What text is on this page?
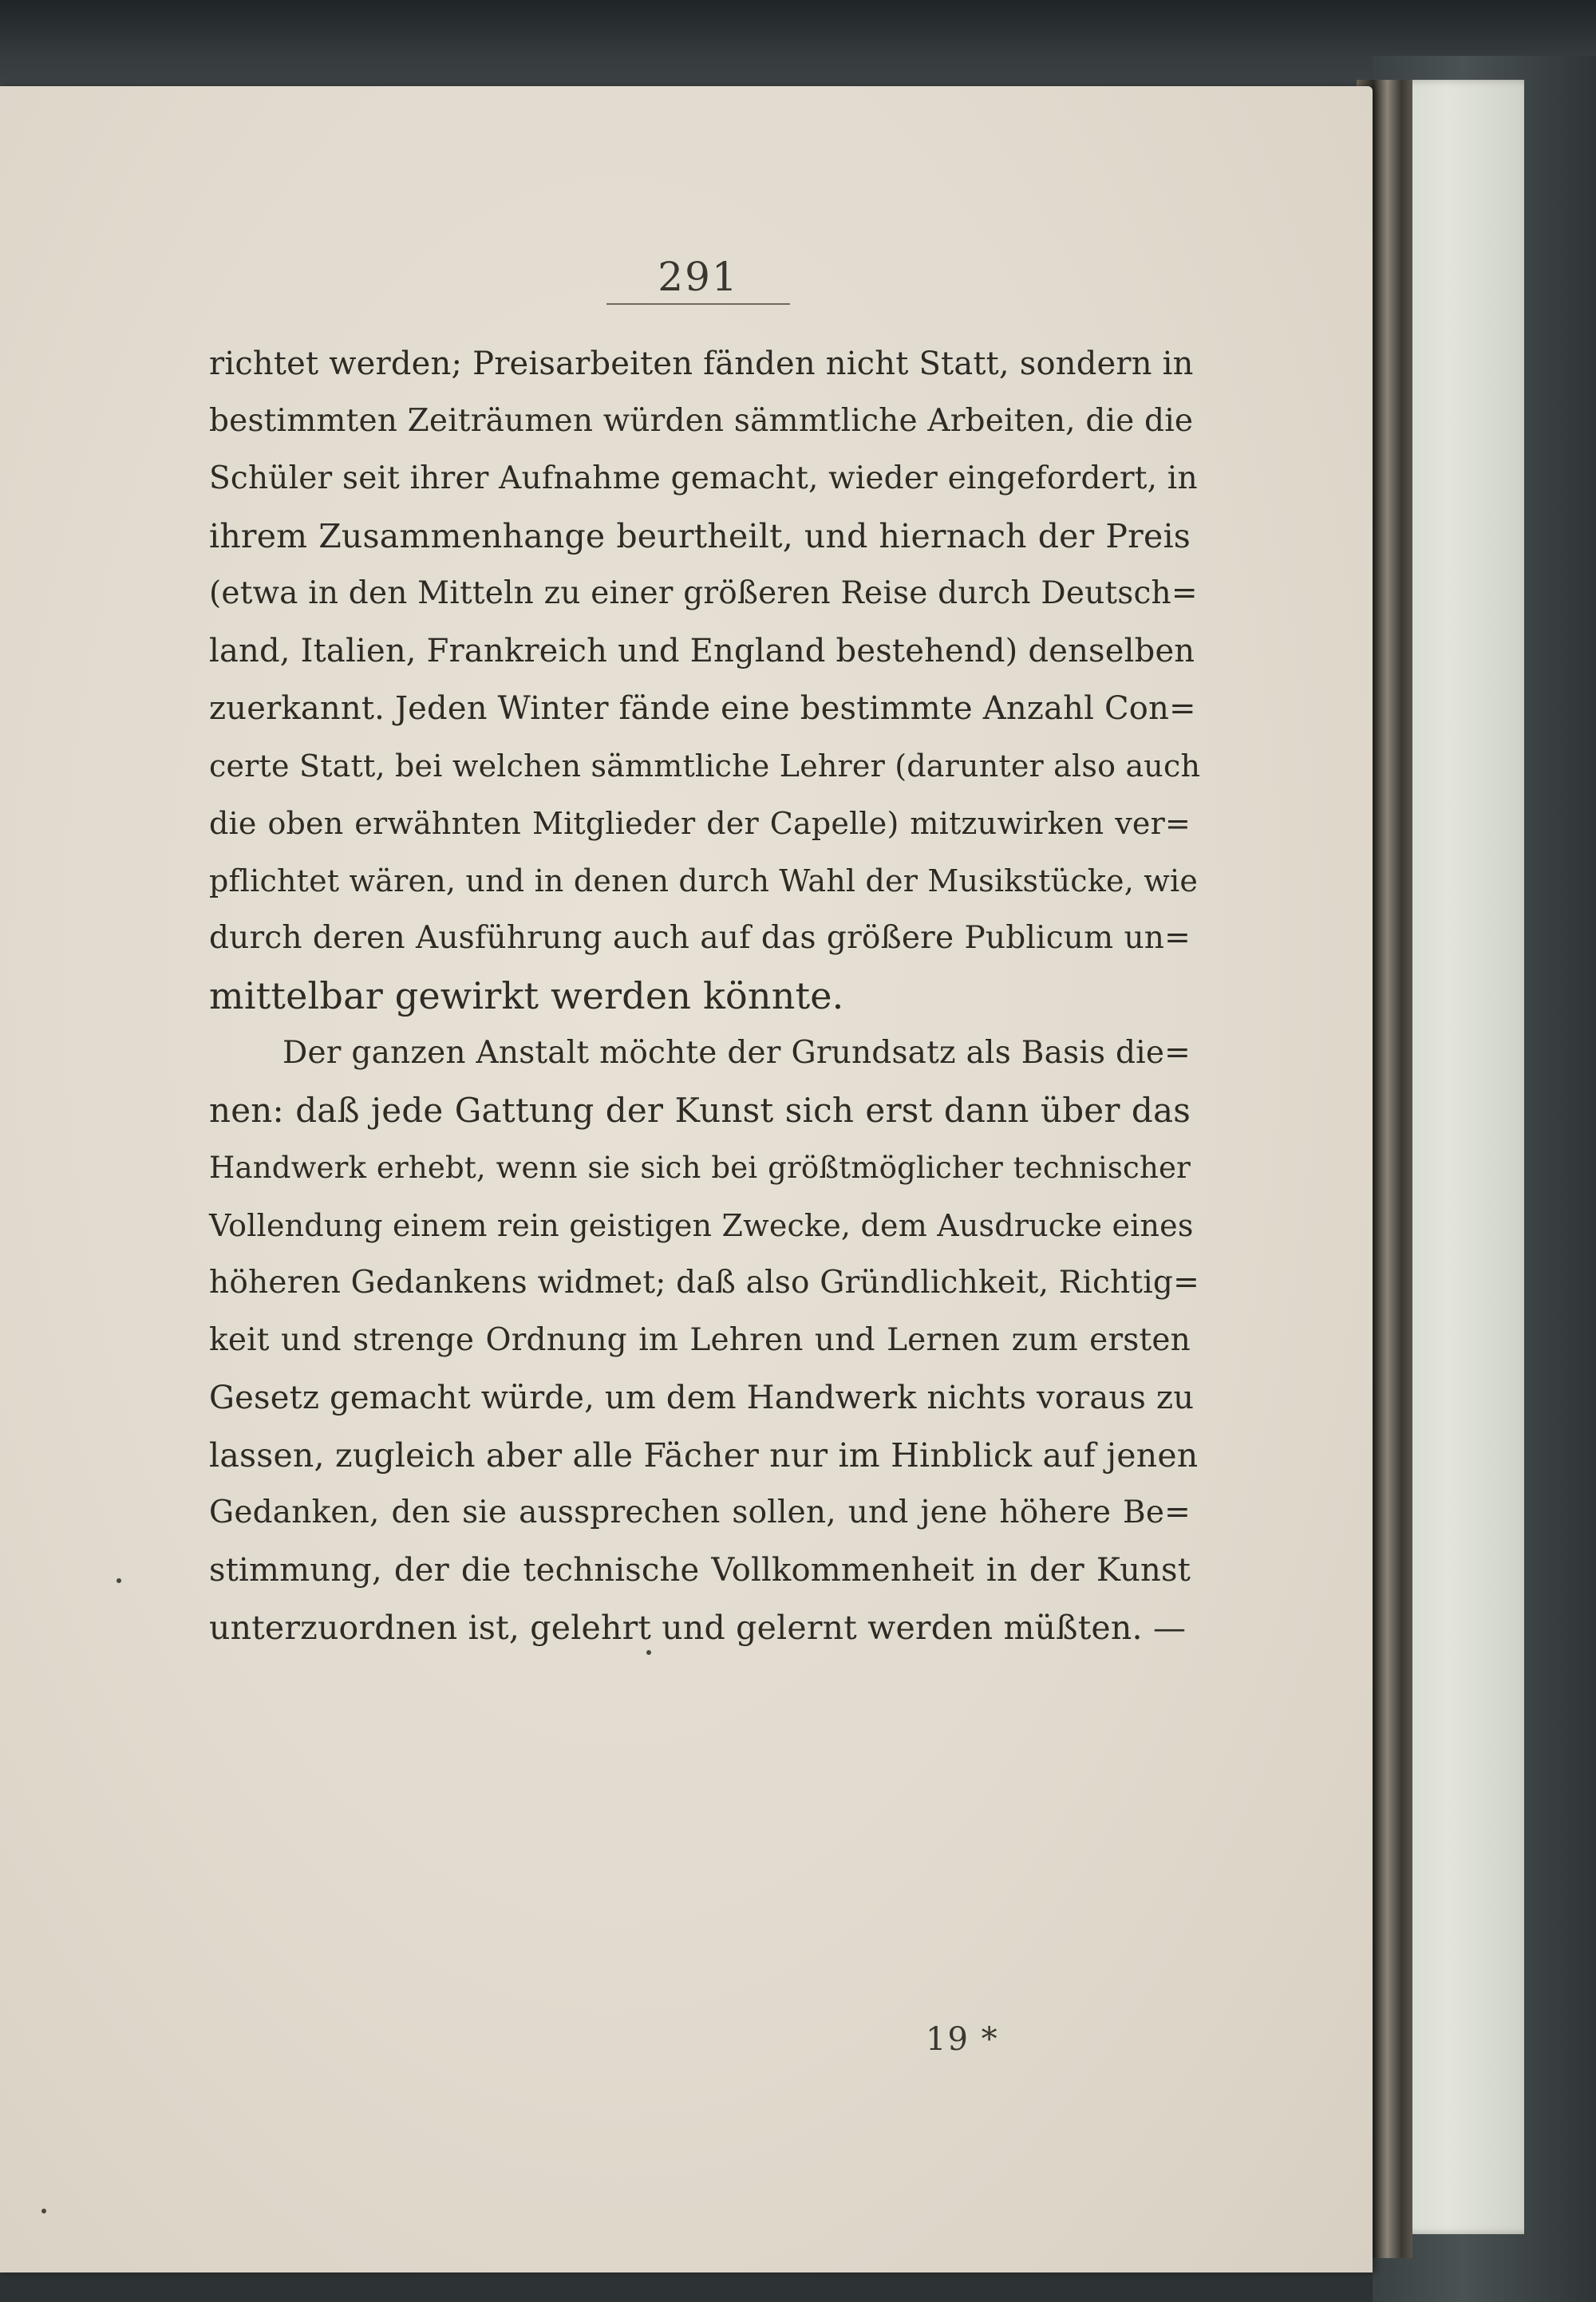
291
richtet werden; Preisarbeiten fänden nicht Statt, sondern in
bestimmten Zeiträumen würden sämmtliche Arbeiten, die die
Schüler seit ihrer Aufnahme gemacht, wieder eingefordert, in
ihrem Zusammenhange beurtheilt, und hiernach der Preis
(etwa in den Mitteln zu einer größeren Reise durch Deutsch=
land, Italien, Frankreich und England bestehend) denselben
zuerkannt. Jeden Winter fände eine bestimmte Anzahl Con=
certe Statt, bei welchen sämmtliche Lehrer (darunter also auch
die oben erwähnten Mitglieder der Capelle) mitzuwirken ver=
pflichtet wären, und in denen durch Wahl der Musikstücke, wie
durch deren Ausführung auch auf das größere Publicum un=
mittelbar gewirkt werden könnte.
Der ganzen Anstalt möchte der Grundsatz als Basis die=
nen: daß jede Gattung der Kunst sich erst dann über das
Handwerk erhebt, wenn sie sich bei größtmöglicher technischer
Vollendung einem rein geistigen Zwecke, dem Ausdrucke eines
höheren Gedankens widmet; daß also Gründlichkeit, Richtig=
keit und strenge Ordnung im Lehren und Lernen zum ersten
Gesetz gemacht würde, um dem Handwerk nichts voraus zu
lassen, zugleich aber alle Fächer nur im Hinblick auf jenen
Gedanken, den sie aussprechen sollen, und jene höhere Be=
stimmung, der die technische Vollkommenheit in der Kunst
unterzuordnen ist, gelehrt und gelernt werden müßten. —
19 *
